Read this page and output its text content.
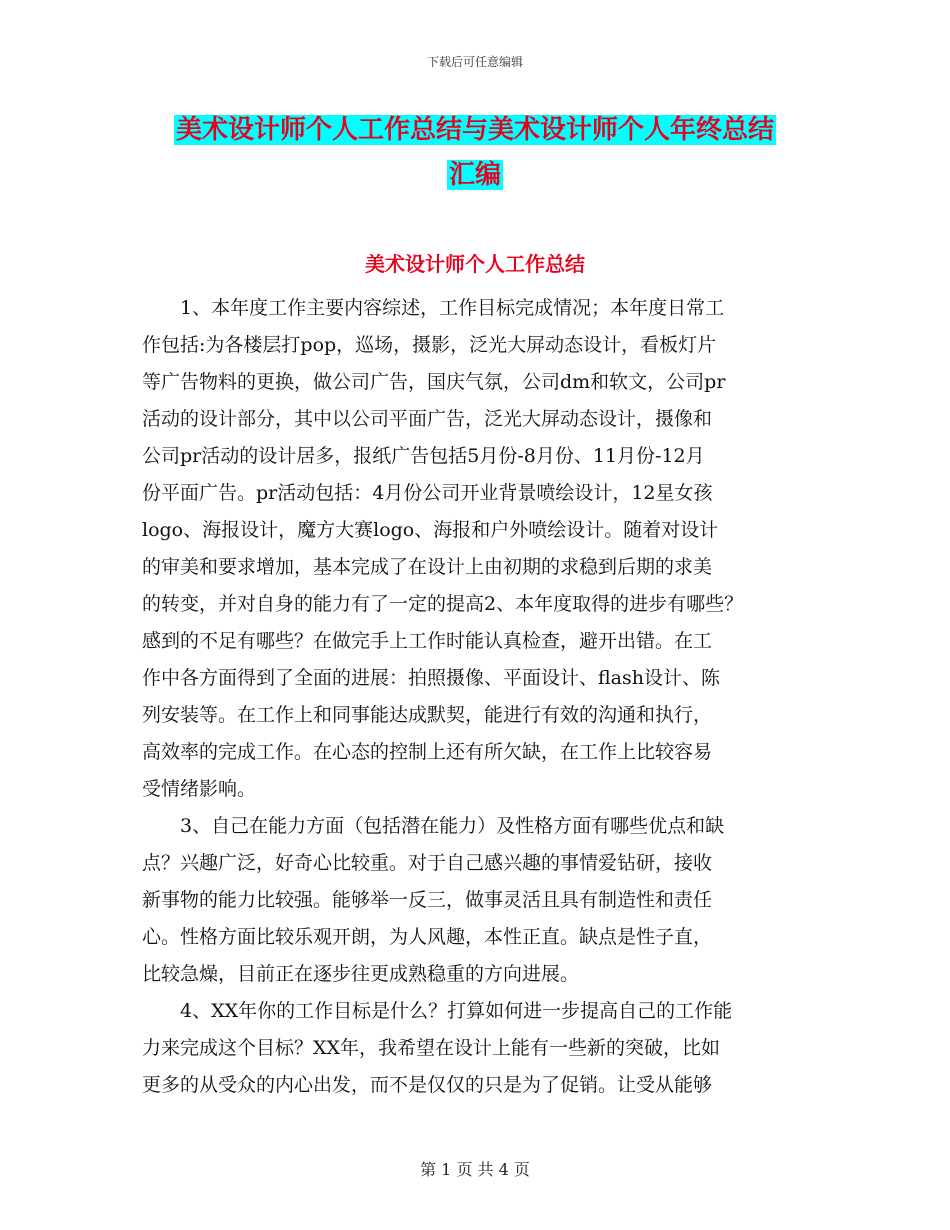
下载后可任意编辑
美术设计师个人工作总结与美术设计师个人年终总结
汇编
美术设计师个人工作总结
1、本年度工作主要内容综述，工作目标完成情况；本年度日常工
作包括:为各楼层打pop，巡场，摄影，泛光大屏动态设计，看板灯片
等广告物料的更换，做公司广告，国庆气氛，公司dm和软文，公司pr
活动的设计部分，其中以公司平面广告，泛光大屏动态设计，摄像和
公司pr活动的设计居多，报纸广告包括5月份-8月份、11月份-12月
份平面广告。pr活动包括：4月份公司开业背景喷绘设计，12星女孩
logo、海报设计，魔方大赛logo、海报和户外喷绘设计。随着对设计
的审美和要求增加，基本完成了在设计上由初期的求稳到后期的求美
的转变，并对自身的能力有了一定的提高2、本年度取得的进步有哪些？
感到的不足有哪些？在做完手上工作时能认真检查，避开出错。在工
作中各方面得到了全面的进展：拍照摄像、平面设计、flash设计、陈
列安装等。在工作上和同事能达成默契，能进行有效的沟通和执行，
高效率的完成工作。在心态的控制上还有所欠缺，在工作上比较容易
受情绪影响。
3、自己在能力方面（包括潜在能力）及性格方面有哪些优点和缺
点？兴趣广泛，好奇心比较重。对于自己感兴趣的事情爱钻研，接收
新事物的能力比较强。能够举一反三，做事灵活且具有制造性和责任
心。性格方面比较乐观开朗，为人风趣，本性正直。缺点是性子直，
比较急燥，目前正在逐步往更成熟稳重的方向进展。
4、XX年你的工作目标是什么？打算如何进一步提高自己的工作能
力来完成这个目标？XX年，我希望在设计上能有一些新的突破，比如
更多的从受众的内心出发，而不是仅仅的只是为了促销。让受从能够
第 1 页 共 4 页
